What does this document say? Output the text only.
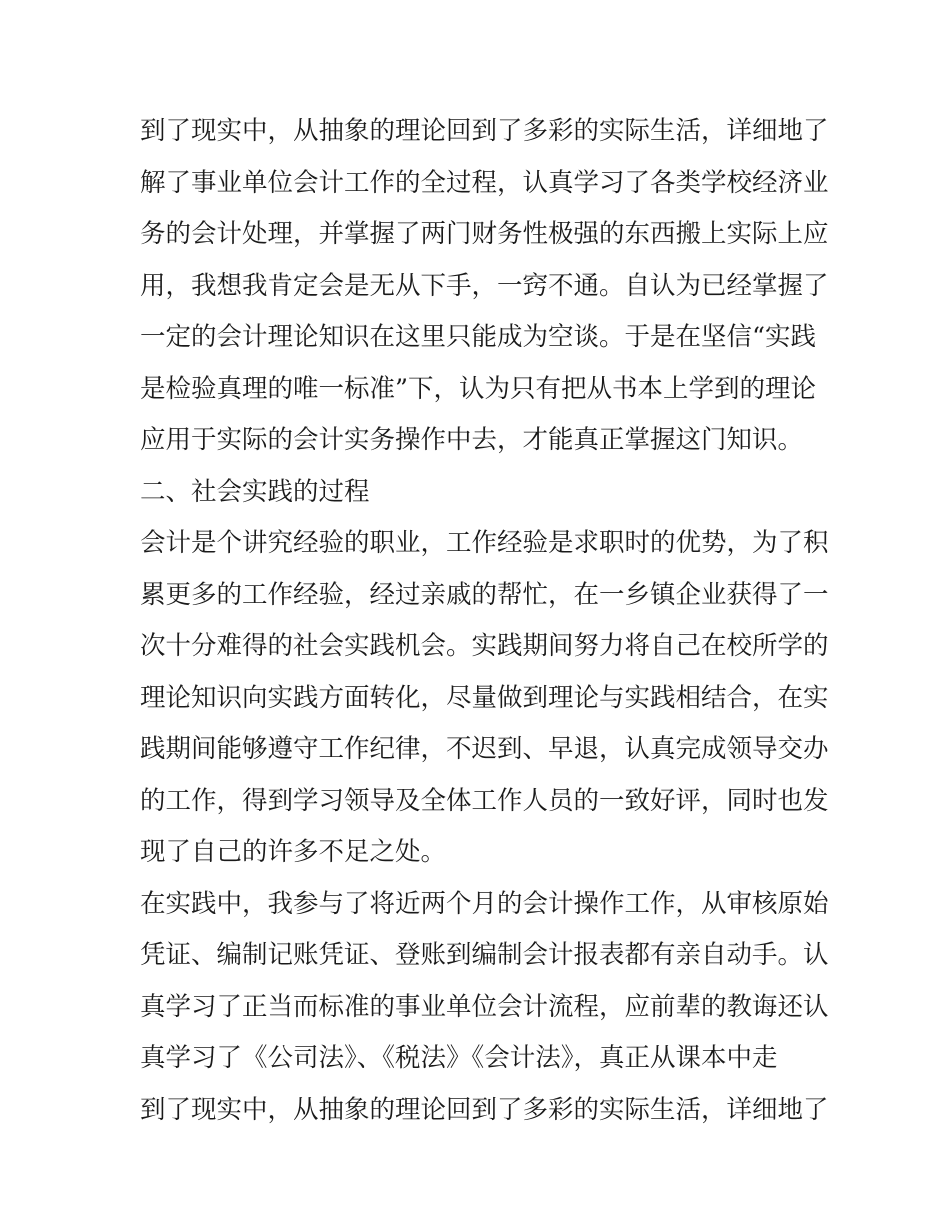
到了现实中，从抽象的理论回到了多彩的实际生活，详细地了
解了事业单位会计工作的全过程，认真学习了各类学校经济业
务的会计处理，并掌握了两门财务性极强的东西搬上实际上应
用，我想我肯定会是无从下手，一窍不通。自认为已经掌握了
一定的会计理论知识在这里只能成为空谈。于是在坚信“实践
是检验真理的唯一标准”下，认为只有把从书本上学到的理论
应用于实际的会计实务操作中去，才能真正掌握这门知识。
二、社会实践的过程
会计是个讲究经验的职业，工作经验是求职时的优势，为了积
累更多的工作经验，经过亲戚的帮忙，在一乡镇企业获得了一
次十分难得的社会实践机会。实践期间努力将自己在校所学的
理论知识向实践方面转化，尽量做到理论与实践相结合，在实
践期间能够遵守工作纪律，不迟到、早退，认真完成领导交办
的工作，得到学习领导及全体工作人员的一致好评，同时也发
现了自己的许多不足之处。
在实践中，我参与了将近两个月的会计操作工作，从审核原始
凭证、编制记账凭证、登账到编制会计报表都有亲自动手。认
真学习了正当而标准的事业单位会计流程，应前辈的教诲还认
真学习了《公司法》、《税法》《会计法》，真正从课本中走
到了现实中，从抽象的理论回到了多彩的实际生活，详细地了
